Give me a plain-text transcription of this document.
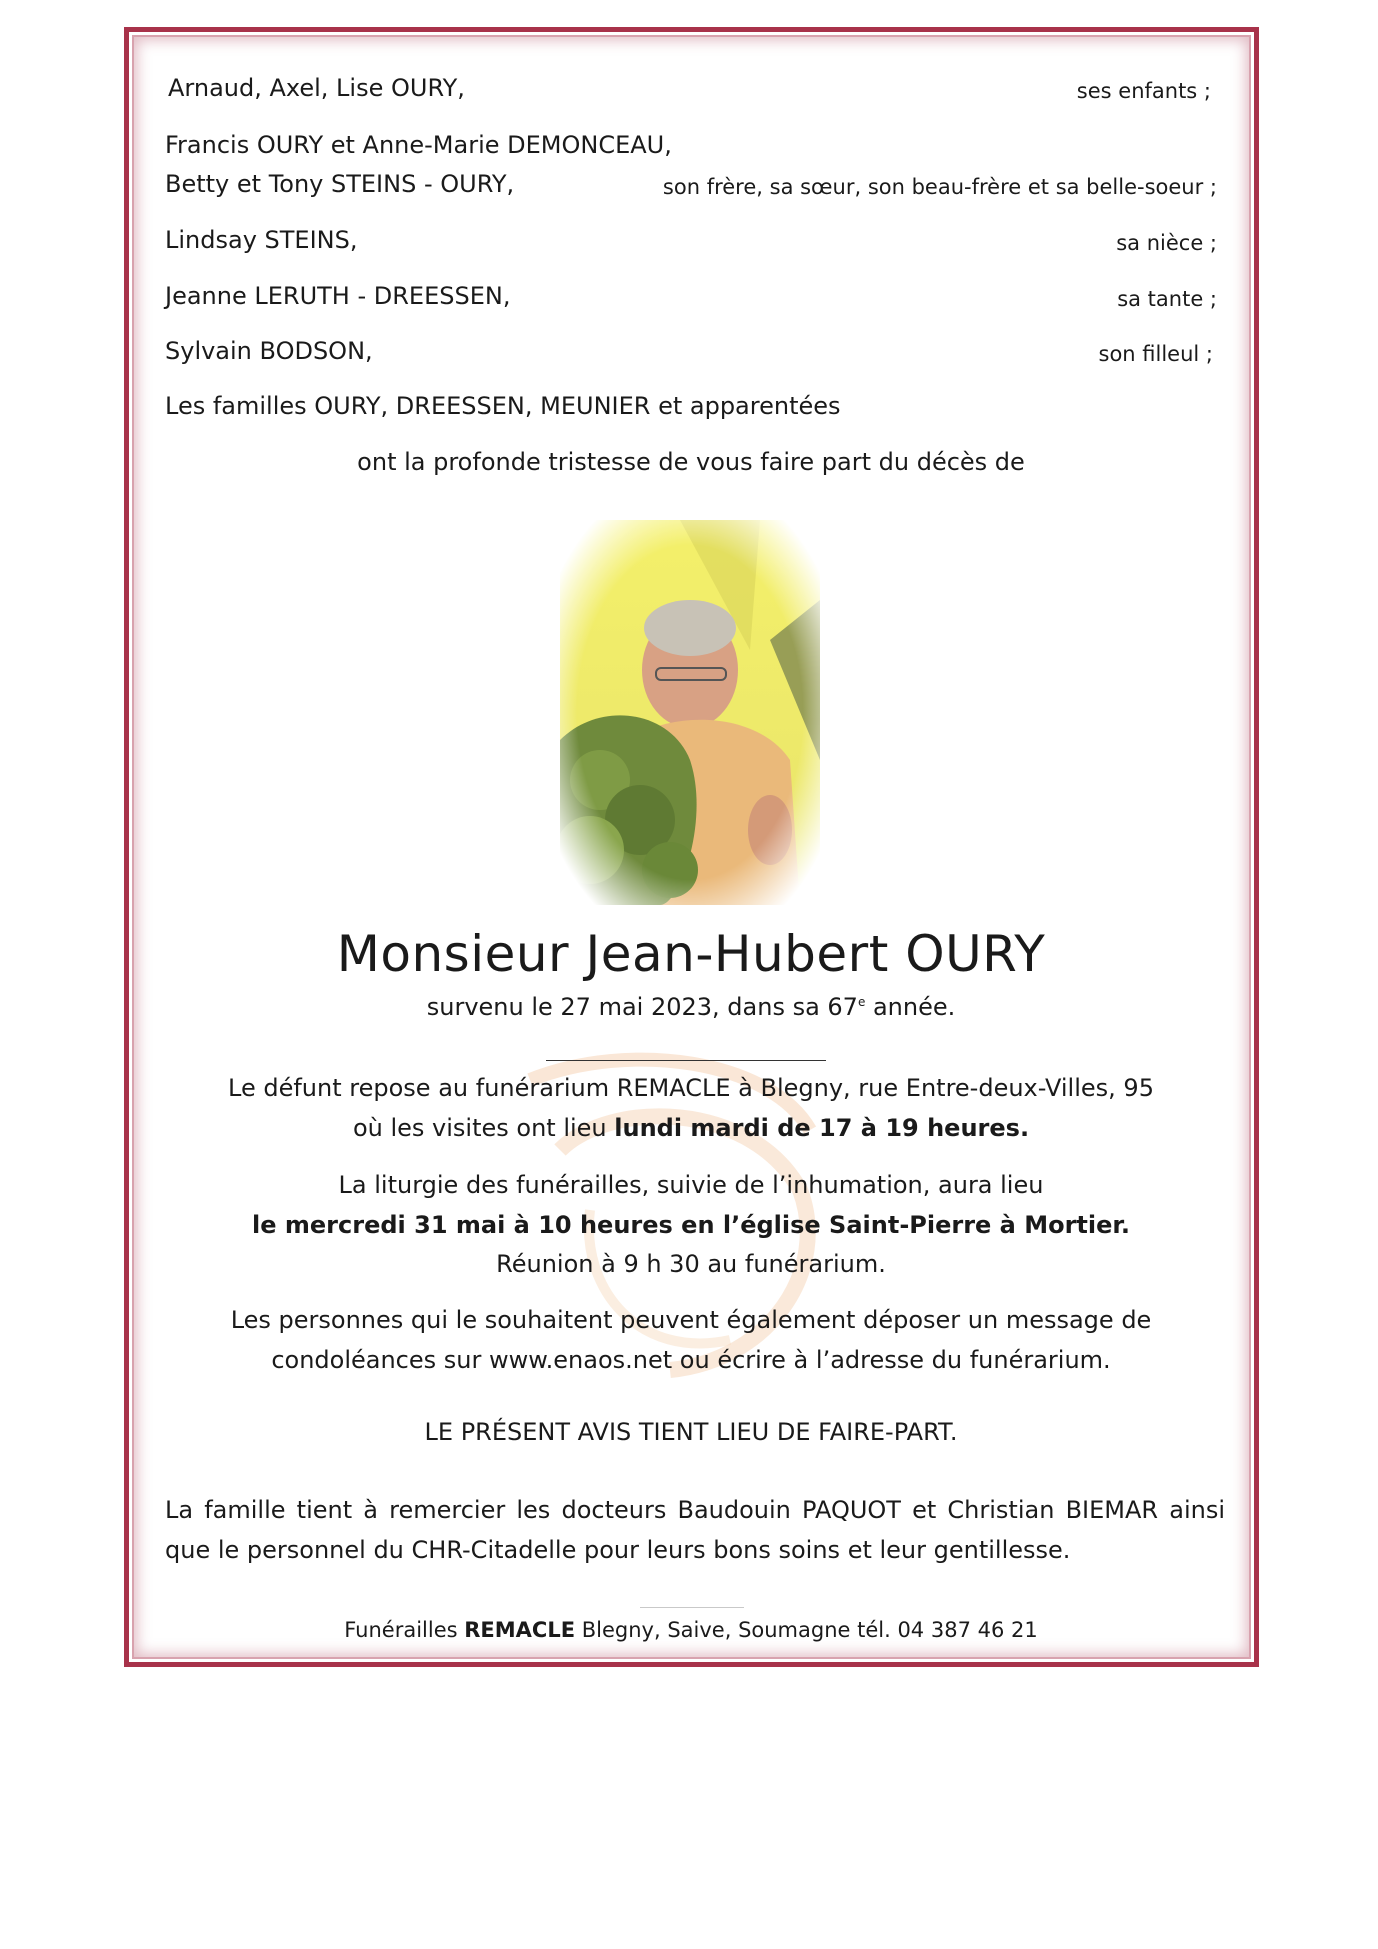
Arnaud, Axel, Lise OURY,	ses enfants ;
Francis OURY et Anne-Marie DEMONCEAU,
Betty et Tony STEINS - OURY,	son frère, sa sœur, son beau-frère et sa belle-soeur ;
Lindsay STEINS,	sa nièce ;
Jeanne LERUTH - DREESSEN,	sa tante ;
Sylvain BODSON,	son filleul ;
Les familles OURY, DREESSEN, MEUNIER et apparentées
ont la profonde tristesse de vous faire part du décès de
Monsieur Jean-Hubert OURY
survenu le 27 mai 2023, dans sa 67e année.
Le défunt repose au funérarium REMACLE à Blegny, rue Entre-deux-Villes, 95
où les visites ont lieu lundi mardi de 17 à 19 heures.
La liturgie des funérailles, suivie de l’inhumation, aura lieu
le mercredi 31 mai à 10 heures en l’église Saint-Pierre à Mortier.
Réunion à 9 h 30 au funérarium.
Les personnes qui le souhaitent peuvent également déposer un message de
condoléances sur www.enaos.net ou écrire à l’adresse du funérarium.
LE PRÉSENT AVIS TIENT LIEU DE FAIRE-PART.
La famille tient à remercier les docteurs Baudouin PAQUOT et Christian BIEMAR ainsi que le personnel du CHR-Citadelle pour leurs bons soins et leur gentillesse.
Funérailles REMACLE Blegny, Saive, Soumagne tél. 04 387 46 21
